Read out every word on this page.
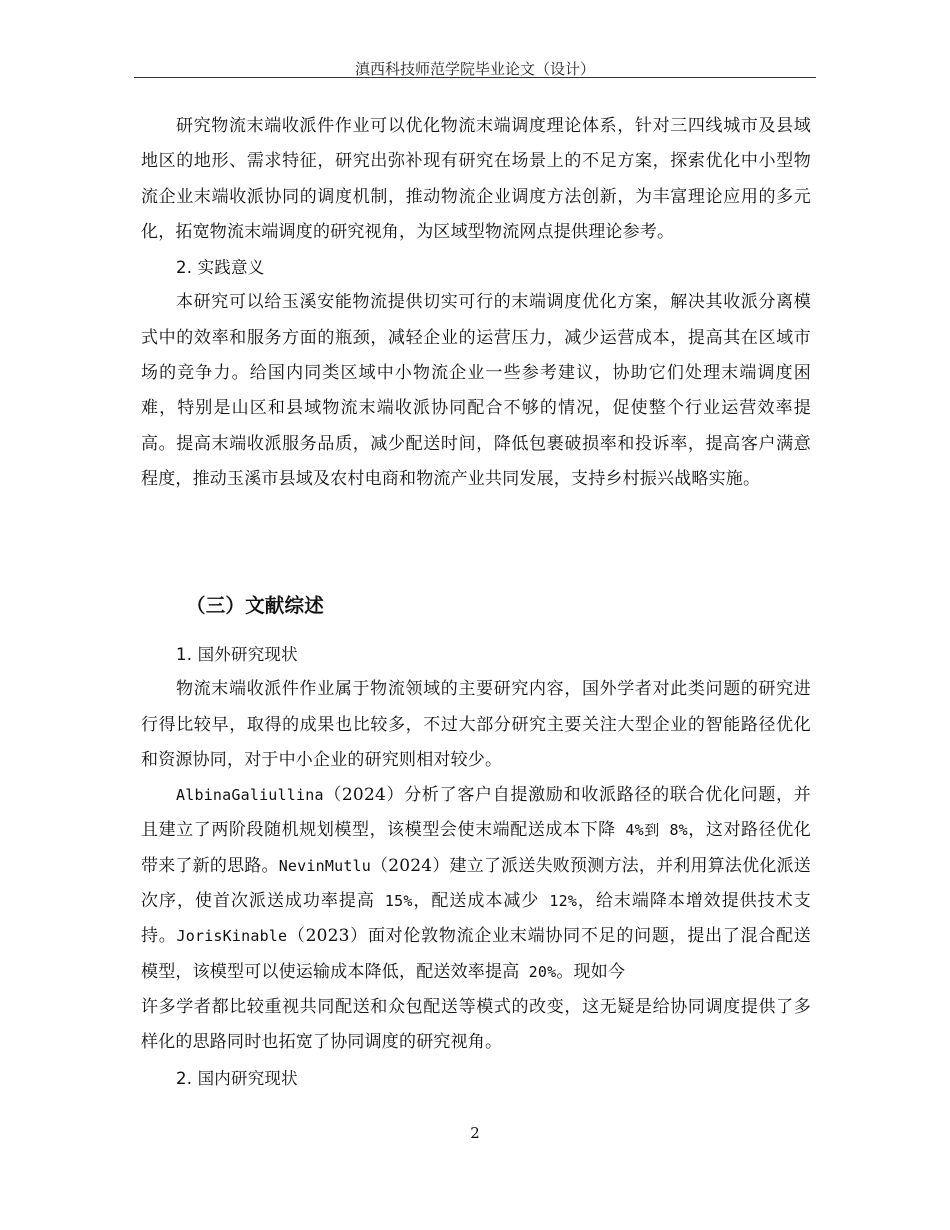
滇西科技师范学院毕业论文（设计）

研究物流末端收派件作业可以优化物流末端调度理论体系，针对三四线城市及县域地区的地形、需求特征，研究出弥补现有研究在场景上的不足方案，探索优化中小型物流企业末端收派协同的调度机制，推动物流企业调度方法创新，为丰富理论应用的多元化，拓宽物流末端调度的研究视角，为区域型物流网点提供理论参考。

2. 实践意义

本研究可以给玉溪安能物流提供切实可行的末端调度优化方案，解决其收派分离模式中的效率和服务方面的瓶颈，减轻企业的运营压力，减少运营成本，提高其在区域市场的竞争力。给国内同类区域中小物流企业一些参考建议，协助它们处理末端调度困难，特别是山区和县域物流末端收派协同配合不够的情况，促使整个行业运营效率提高。提高末端收派服务品质，减少配送时间，降低包裹破损率和投诉率，提高客户满意程度，推动玉溪市县域及农村电商和物流产业共同发展，支持乡村振兴战略实施。

（三）文献综述

1. 国外研究现状

物流末端收派件作业属于物流领域的主要研究内容，国外学者对此类问题的研究进行得比较早，取得的成果也比较多，不过大部分研究主要关注大型企业的智能路径优化和资源协同，对于中小企业的研究则相对较少。

AlbinaGaliullina（2024）分析了客户自提激励和收派路径的联合优化问题，并且建立了两阶段随机规划模型，该模型会使末端配送成本下降 4%到 8%，这对路径优化带来了新的思路。NevinMutlu（2024）建立了派送失败预测方法，并利用算法优化派送次序，使首次派送成功率提高 15%，配送成本减少 12%，给末端降本增效提供技术支持。JorisKinable（2023）面对伦敦物流企业末端协同不足的问题，提出了混合配送模型，该模型可以使运输成本降低，配送效率提高 20%。现如今

许多学者都比较重视共同配送和众包配送等模式的改变，这无疑是给协同调度提供了多样化的思路同时也拓宽了协同调度的研究视角。

2. 国内研究现状

2
